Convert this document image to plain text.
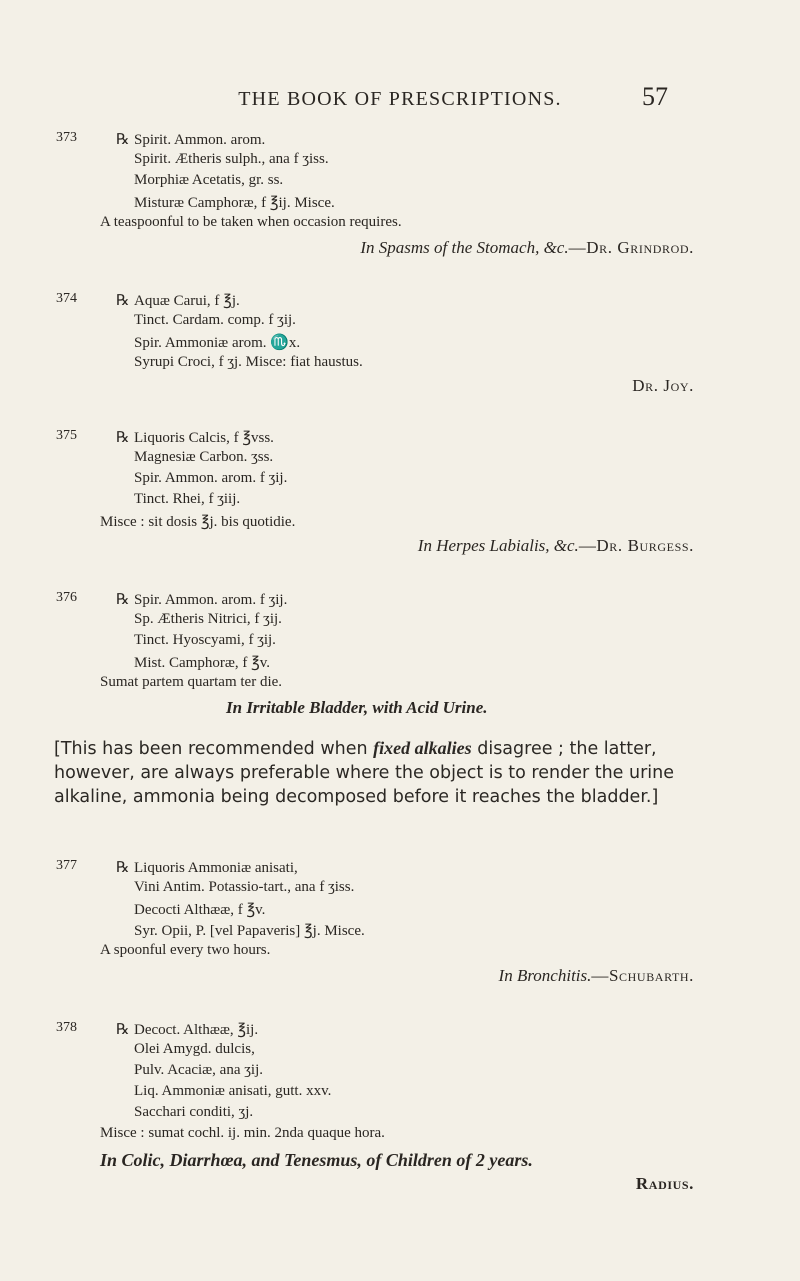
THE BOOK OF PRESCRIPTIONS.	57
373	℞ Spirit. Ammon. arom.
Spirit. Ætheris sulph., ana f ʒiss.
Morphiæ Acetatis, gr. ss.
Misturæ Camphoræ, f ℥ij. Misce.
A teaspoonful to be taken when occasion requires.
In Spasms of the Stomach, &c.—Dr. Grindrod.
374	℞ Aquæ Carui, f ℥j.
Tinct. Cardam. comp. f ʒij.
Spir. Ammoniæ arom. ♏x.
Syrupi Croci, f ʒj. Misce: fiat haustus.
Dr. Joy.
375	℞ Liquoris Calcis, f ℥vss.
Magnesiæ Carbon. ʒss.
Spir. Ammon. arom. f ʒij.
Tinct. Rhei, f ʒiij.
Misce : sit dosis ℥j. bis quotidie.
In Herpes Labialis, &c.—Dr. Burgess.
376	℞ Spir. Ammon. arom. f ʒij.
Sp. Ætheris Nitrici, f ʒij.
Tinct. Hyoscyami, f ʒij.
Mist. Camphoræ, f ℥v.
Sumat partem quartam ter die.
In Irritable Bladder, with Acid Urine.
[This has been recommended when fixed alkalies disagree ; the latter, however, are always preferable where the object is to render the urine alkaline, ammonia being decomposed before it reaches the bladder.]
377	℞ Liquoris Ammoniæ anisati,
Vini Antim. Potassio-tart., ana f ʒiss.
Decocti Althææ, f ℥v.
Syr. Opii, P. [vel Papaveris] ℥j. Misce.
A spoonful every two hours.
In Bronchitis.—Schubarth.
378	℞ Decoct. Althææ, ℥ij.
Olei Amygd. dulcis,
Pulv. Acaciæ, ana ʒij.
Liq. Ammoniæ anisati, gutt. xxv.
Sacchari conditi, ʒj.
Misce : sumat cochl. ij. min. 2nda quaque hora.
In Colic, Diarrhœa, and Tenesmus, of Children of 2 years.
Radius.
